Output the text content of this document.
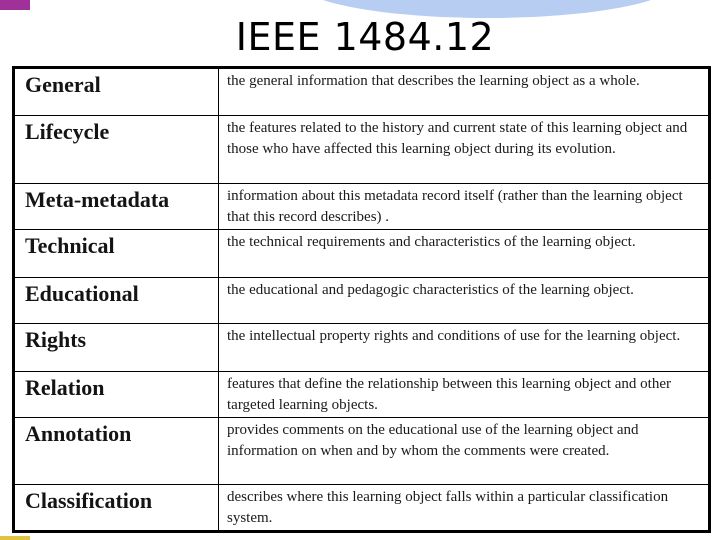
IEEE 1484.12
General	the general information that describes the learning object as a whole.
Lifecycle	the features related to the history and current state of this learning object and those who have affected this learning object during its evolution.
Meta-metadata	information about this metadata record itself (rather than the learning object that this record describes) .
Technical	the technical requirements and characteristics of the learning object.
Educational	the educational and pedagogic characteristics of the learning object.
Rights	the intellectual property rights and conditions of use for the learning object.
Relation	features that define the relationship between this learning object and other targeted learning objects.
Annotation	provides comments on the educational use of the learning object and information on when and by whom the comments were created.
Classification	describes where this learning object falls within a particular classification system.
